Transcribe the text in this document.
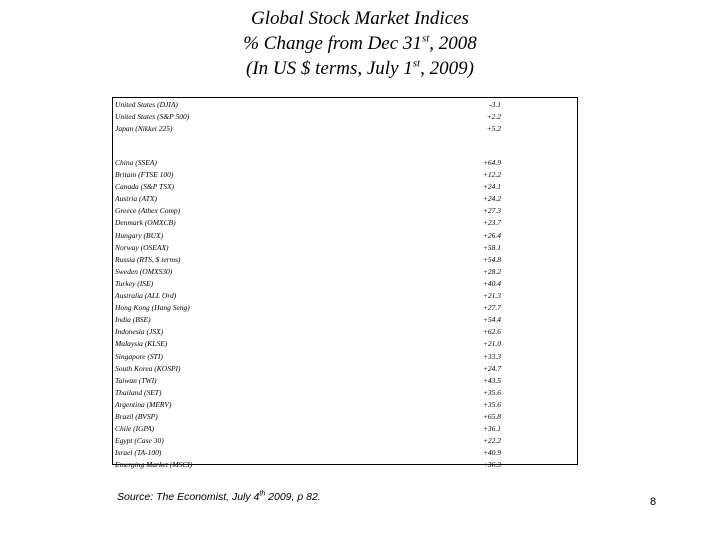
Global Stock Market Indices
% Change from Dec 31st, 2008
(In US $ terms, July 1st, 2009)
United States (DJIA)	-3.1
United States (S&P 500)	+2.2
Japan (Nikkei 225)	+5.2
China (SSEA)	+64.9
Britain (FTSE 100)	+12.2
Canada (S&P TSX)	+24.1
Austria (ATX)	+24.2
Greece (Athex Comp)	+27.3
Denmark (OMXCB)	+23.7
Hungary (BUX)	+26.4
Norway (OSEAX)	+58.1
Russia (RTS, $ terms)	+54.8
Sweden (OMXS30)	+28.2
Turkey (ISE)	+40.4
Australia (ALL Ord)	+21.3
Hong Kong (Hang Seng)	+27.7
India (BSE)	+54.4
Indonesia (JSX)	+62.6
Malaysia (KLSE)	+21.0
Singapore (STI)	+33.3
South Korea (KOSPI)	+24.7
Taiwan (TWI)	+43.5
Thailand (SET)	+35.6
Argentina (MERV)	+35.6
Brazil (BVSP)	+65.8
Chile (IGPA)	+36.1
Egypt (Case 30)	+22.2
Israel (TA-100)	+40.9
Emerging Market (MSCI)	+36.3
Source: The Economist, July 4th 2009, p 82.	8
